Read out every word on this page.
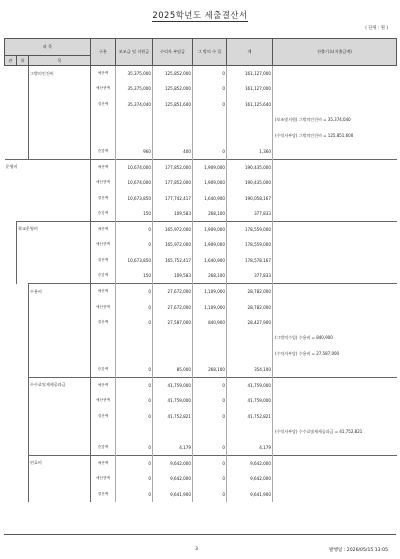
2025학년도 세출결산서
( 단위 : 원 )
과 목			구분	보조금 및 지원금	수익자 부담금	그 밖의 수 입	계	산출기초(지출금액)
관	항	목						
		그밖의인건비	예산액	35,375,000	125,852,000	0	161,127,000	
			예산현액	35,375,000	125,852,000	0	161,127,000	
			결산액	35,374,040	125,851,600	0	161,125,640	
								(보조및지원) 그밖의인건비 = 35,374,040
								(수익자부담) 그밖의인건비 = 125,851,600
			증감액	960	400	0	1,360	
운영비			예산액	10,674,000	177,852,000	1,909,000	190,435,000	
			예산현액	10,674,000	177,852,000	1,909,000	190,435,000	
			결산액	10,673,850	177,742,417	1,640,900	190,058,167	
			증감액	150	109,583	268,100	377,833	
	학교운영비		예산액	0	165,972,000	1,909,000	178,559,000	
			예산현액	0	165,972,000	1,909,000	178,559,000	
			결산액	10,673,850	165,752,417	1,640,900	178,578,167	
			증감액	150	109,583	268,100	377,833	
		수용비	예산액	0	27,672,000	1,109,000	28,782,000	
			예산현액	0	27,672,000	1,109,000	28,782,000	
			결산액	0	27,587,000	840,900	28,427,900	
								(그밖의수입) 수용비 = 840,900
								(수익자부담) 수용비 = 27,587,000
			증감액	0	85,000	268,100	354,100	
		수수료및제세공과금	예산액	0	41,759,000	0	41,759,000	
			예산현액	0	41,759,000	0	41,759,000	
			결산액	0	41,752,821	0	41,752,821	
								(수익자부담) 수수료및제세공과금 = 41,752,821
			증감액	0	4,179	0	4,179	
		연료비	예산액	0	9,642,000	0	9,642,000	
			예산현액	0	9,642,000	0	9,642,000	
			결산액	0	9,641,900	0	9,641,900	
3	발행일 : 2026/05/15 13:05
